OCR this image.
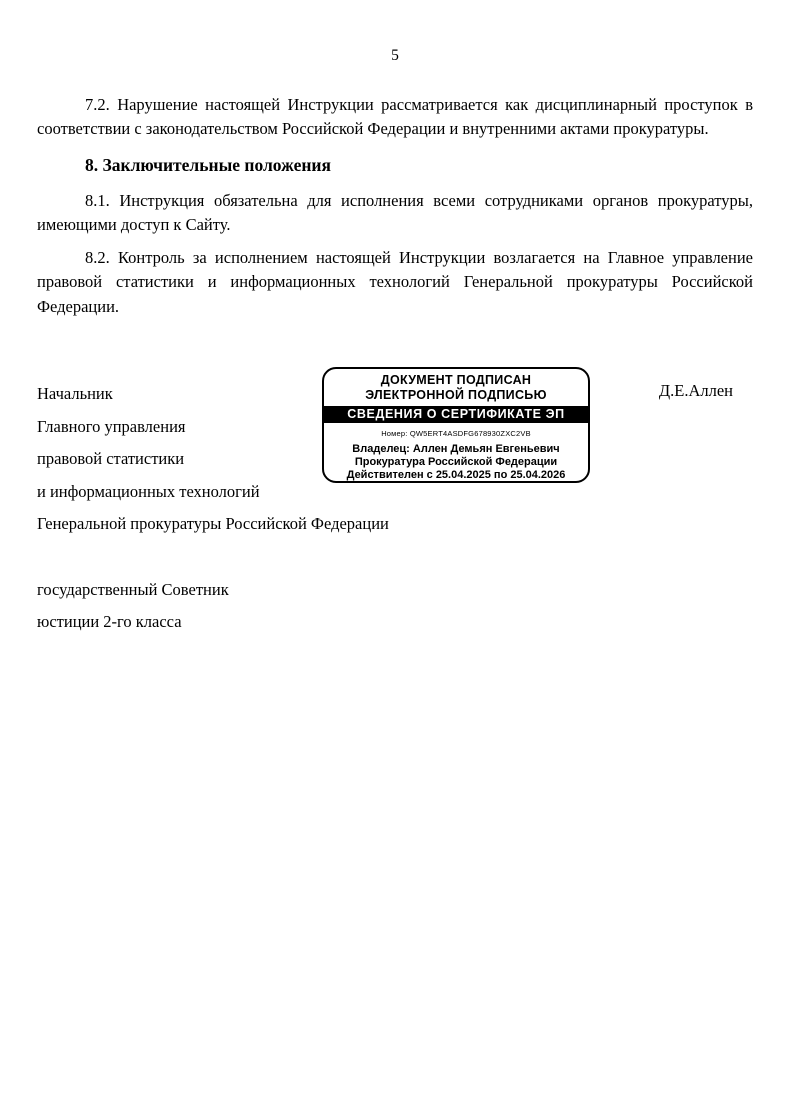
5

7.2. Нарушение настоящей Инструкции рассматривается как дисциплинарный проступок в соответствии с законодательством Российской Федерации и внутренними актами прокуратуры.

8. Заключительные положения

8.1. Инструкция обязательна для исполнения всеми сотрудниками органов прокуратуры, имеющими доступ к Сайту.

8.2. Контроль за исполнением настоящей Инструкции возлагается на Главное управление правовой статистики и информационных технологий Генеральной прокуратуры Российской Федерации.

Начальник
Главного управления
правовой статистики
и информационных технологий
Генеральной прокуратуры Российской Федерации
государственный Советник
юстиции 2-го класса
ДОКУМЕНТ ПОДПИСАН
ЭЛЕКТРОННОЙ ПОДПИСЬЮ
СВЕДЕНИЯ О СЕРТИФИКАТЕ ЭП
Номер: QW5ERT4ASDFG678930ZXC2VB
Владелец: Аллен Демьян Евгеньевич
Прокуратура Российской Федерации
Действителен с 25.04.2025 по 25.04.2026
Д.Е.Аллен
